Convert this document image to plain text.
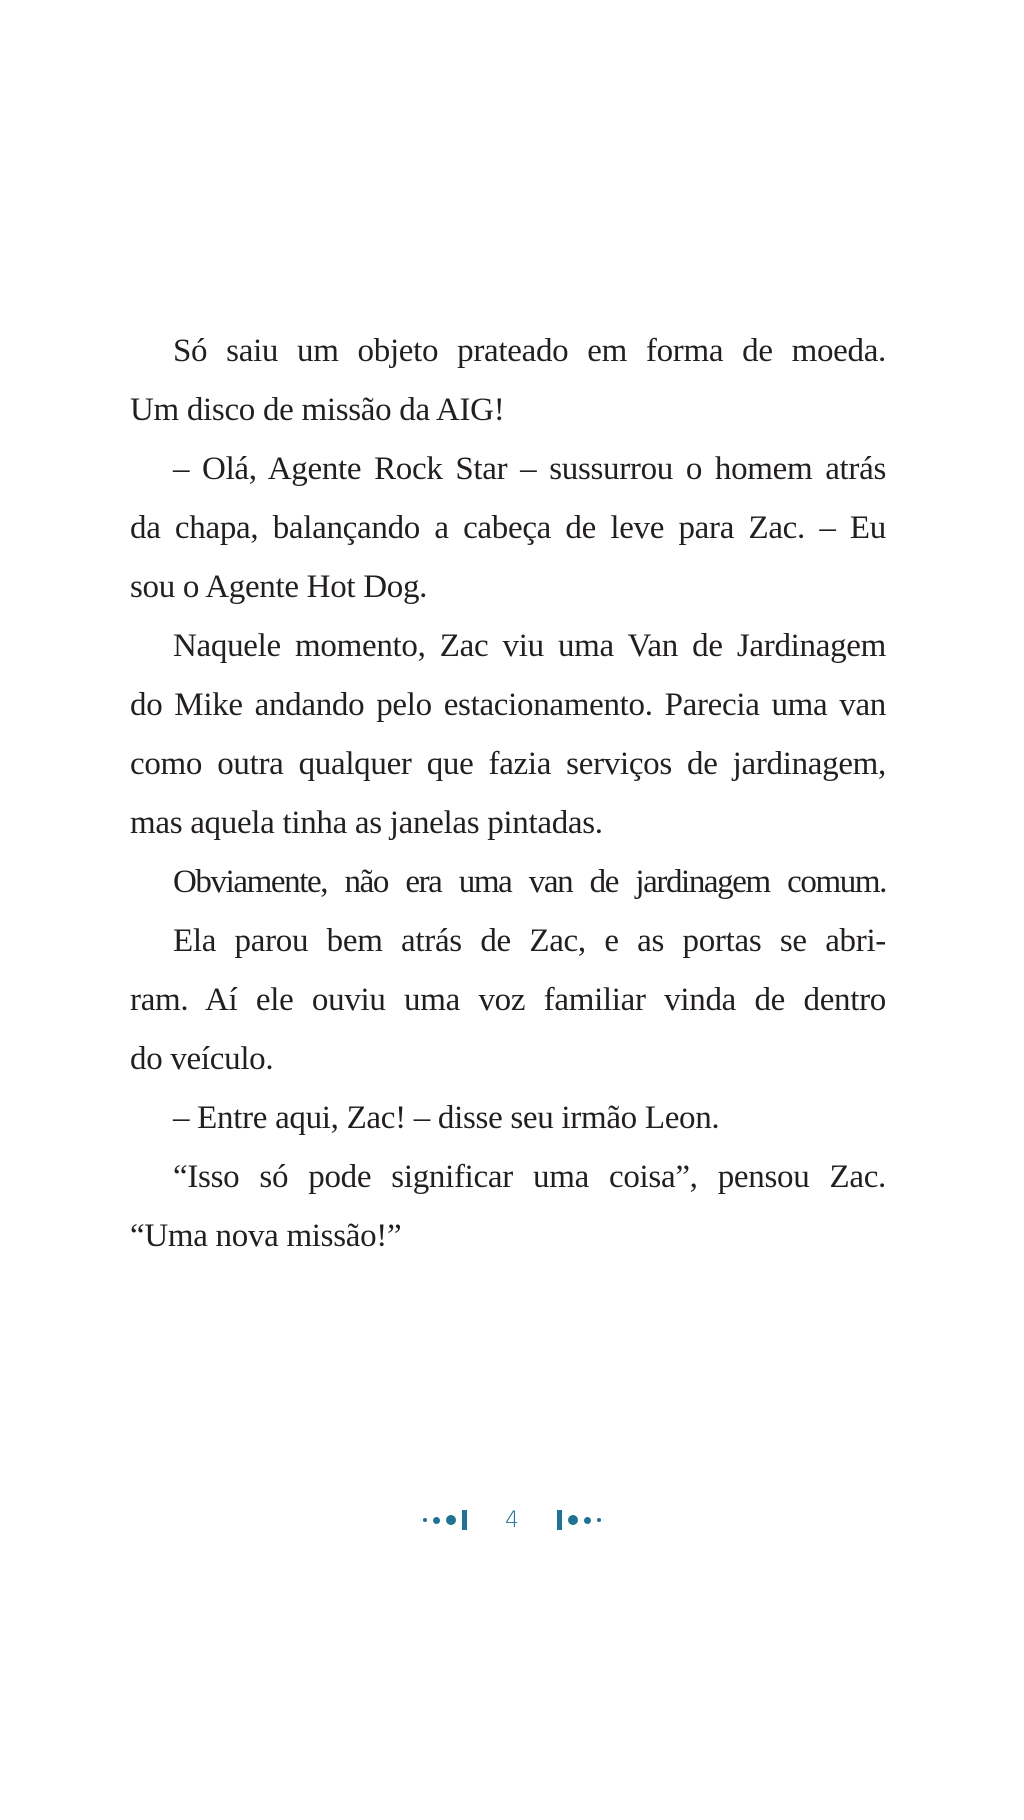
Só saiu um objeto prateado em forma de moeda.
Um disco de missão da AIG!
– Olá, Agente Rock Star – sussurrou o homem atrás
da chapa, balançando a cabeça de leve para Zac. – Eu
sou o Agente Hot Dog.
Naquele momento, Zac viu uma Van de Jardinagem
do Mike andando pelo estacionamento. Parecia uma van
como outra qualquer que fazia serviços de jardinagem,
mas aquela tinha as janelas pintadas.
Obviamente, não era uma van de jardinagem comum.
Ela parou bem atrás de Zac, e as portas se abri-
ram. Aí ele ouviu uma voz familiar vinda de dentro
do veículo.
– Entre aqui, Zac! – disse seu irmão Leon.
“Isso só pode significar uma coisa”, pensou Zac.
“Uma nova missão!”
4
